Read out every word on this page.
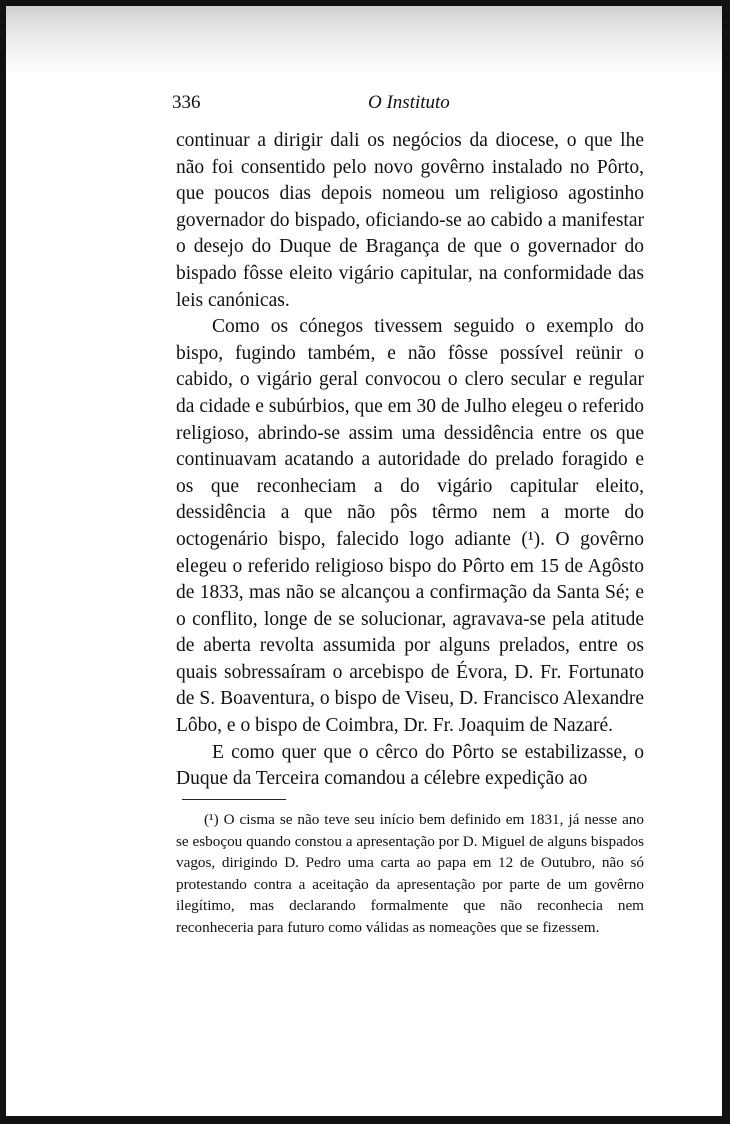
336	O Instituto

continuar a dirigir dali os negócios da diocese, o que lhe não foi consentido pelo novo govêrno instalado no Pôrto, que poucos dias depois nomeou um religioso agostinho governador do bispado, oficiando-se ao cabido a manifestar o desejo do Duque de Bragança de que o governador do bispado fôsse eleito vigário capitular, na conformidade das leis canónicas.

Como os cónegos tivessem seguido o exemplo do bispo, fugindo também, e não fôsse possível reünir o cabido, o vigário geral convocou o clero secular e regular da cidade e subúrbios, que em 30 de Julho elegeu o referido religioso, abrindo-se assim uma dessidência entre os que continuavam acatando a autoridade do prelado foragido e os que reconheciam a do vigário capitular eleito, dessidência a que não pôs têrmo nem a morte do octogenário bispo, falecido logo adiante (¹). O govêrno elegeu o referido religioso bispo do Pôrto em 15 de Agôsto de 1833, mas não se alcançou a confirmação da Santa Sé; e o conflito, longe de se solucionar, agravava-se pela atitude de aberta revolta assumida por alguns prelados, entre os quais sobressaíram o arcebispo de Évora, D. Fr. Fortunato de S. Boaventura, o bispo de Viseu, D. Francisco Alexandre Lôbo, e o bispo de Coimbra, Dr. Fr. Joaquim de Nazaré.

E como quer que o cêrco do Pôrto se estabilizasse, o Duque da Terceira comandou a célebre expedição ao

(¹) O cisma se não teve seu início bem definido em 1831, já nesse ano se esboçou quando constou a apresentação por D. Miguel de alguns bispados vagos, dirigindo D. Pedro uma carta ao papa em 12 de Outubro, não só protestando contra a aceitação da apresentação por parte de um govêrno ilegítimo, mas declarando formalmente que não reconhecia nem reconheceria para futuro como válidas as nomeações que se fizessem.
